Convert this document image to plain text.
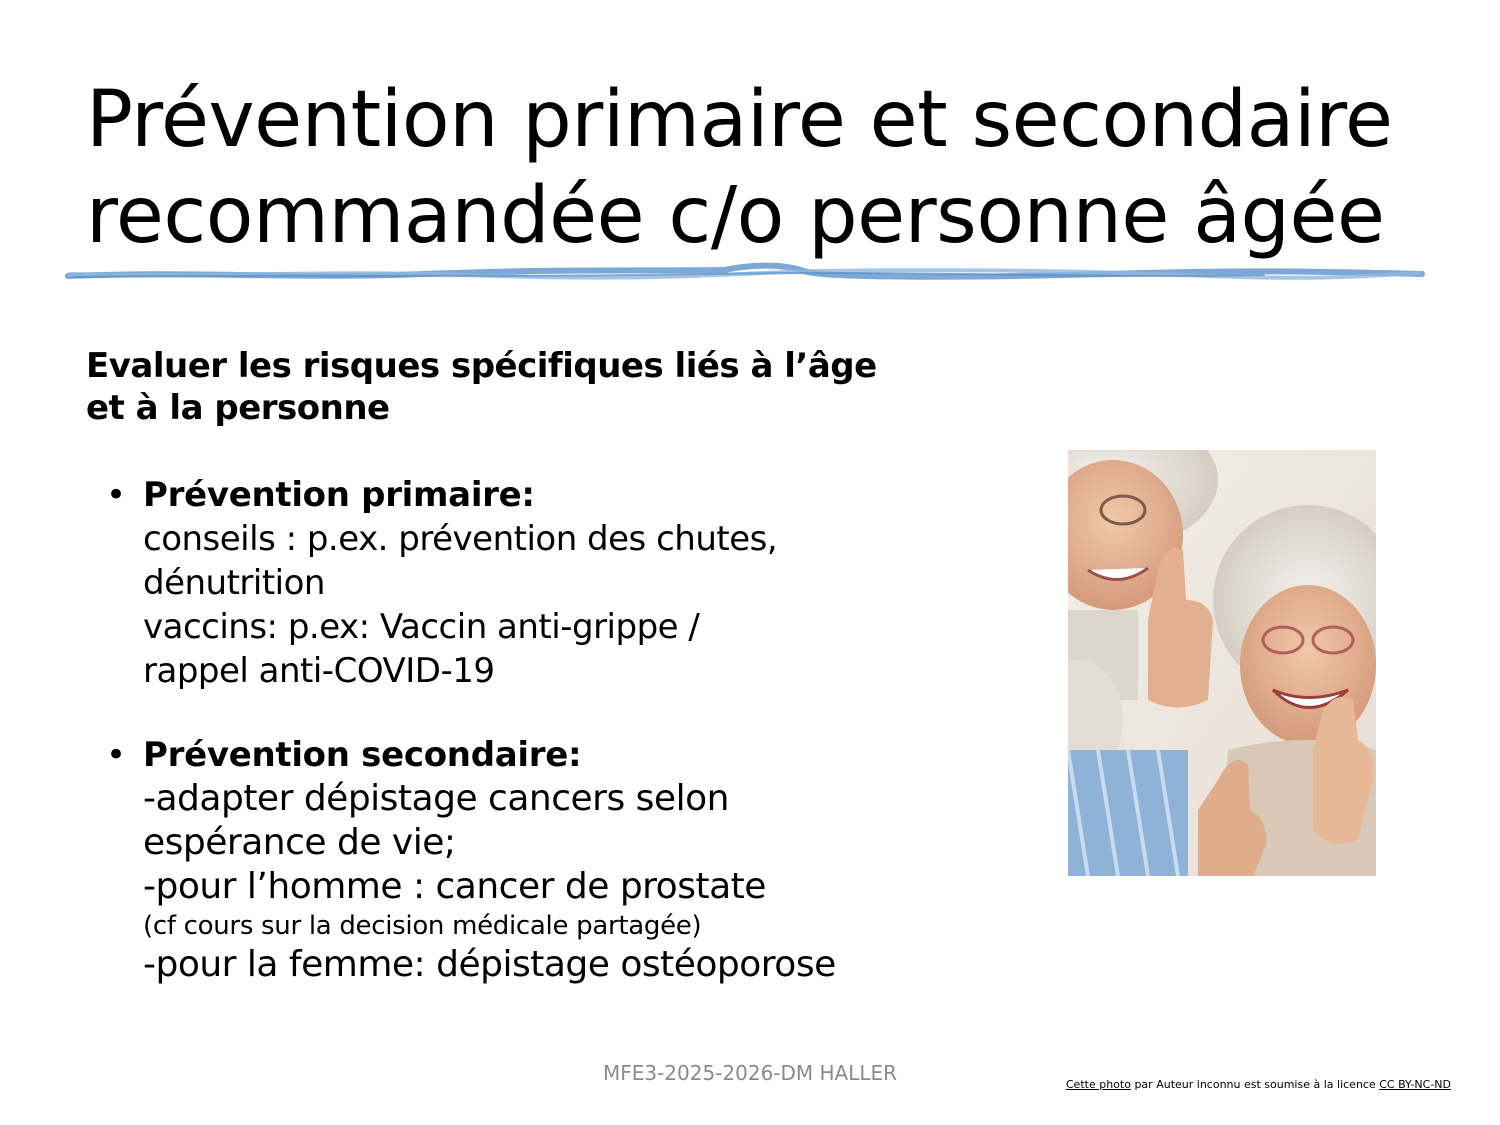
Prévention primaire et secondaire
recommandée c/o personne âgée
Evaluer les risques spécifiques liés à l’âge
et à la personne
• Prévention primaire:
conseils : p.ex. prévention des chutes,
dénutrition
vaccins: p.ex: Vaccin anti-grippe /
rappel anti-COVID-19
• Prévention secondaire:
-adapter dépistage cancers selon
espérance de vie;
-pour l’homme : cancer de prostate
(cf cours sur la decision médicale partagée)
-pour la femme: dépistage ostéoporose
MFE3-2025-2026-DM HALLER	Cette photo par Auteur inconnu est soumise à la licence CC BY-NC-ND
